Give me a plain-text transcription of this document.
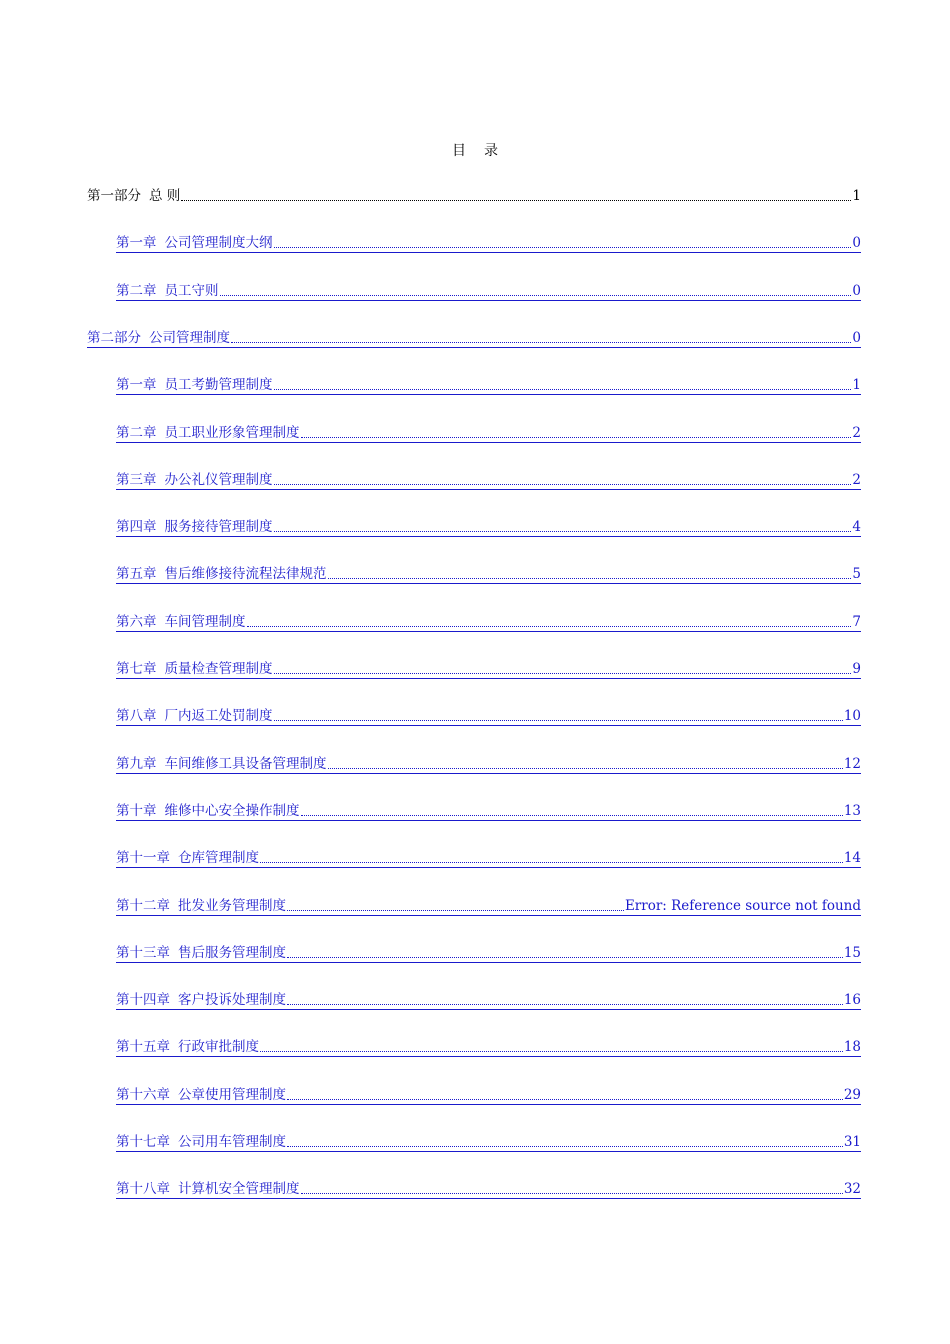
目 录
第一部分 总 则	1
第一章 公司管理制度大纲	0
第二章 员工守则	0
第二部分 公司管理制度	0
第一章 员工考勤管理制度	1
第二章 员工职业形象管理制度	2
第三章 办公礼仪管理制度	2
第四章 服务接待管理制度	4
第五章 售后维修接待流程法律规范	5
第六章 车间管理制度	7
第七章 质量检查管理制度	9
第八章 厂内返工处罚制度	10
第九章 车间维修工具设备管理制度	12
第十章 维修中心安全操作制度	13
第十一章 仓库管理制度	14
第十二章 批发业务管理制度	Error: Reference source not found
第十三章 售后服务管理制度	15
第十四章 客户投诉处理制度	16
第十五章 行政审批制度	18
第十六章 公章使用管理制度	29
第十七章 公司用车管理制度	31
第十八章 计算机安全管理制度	32
